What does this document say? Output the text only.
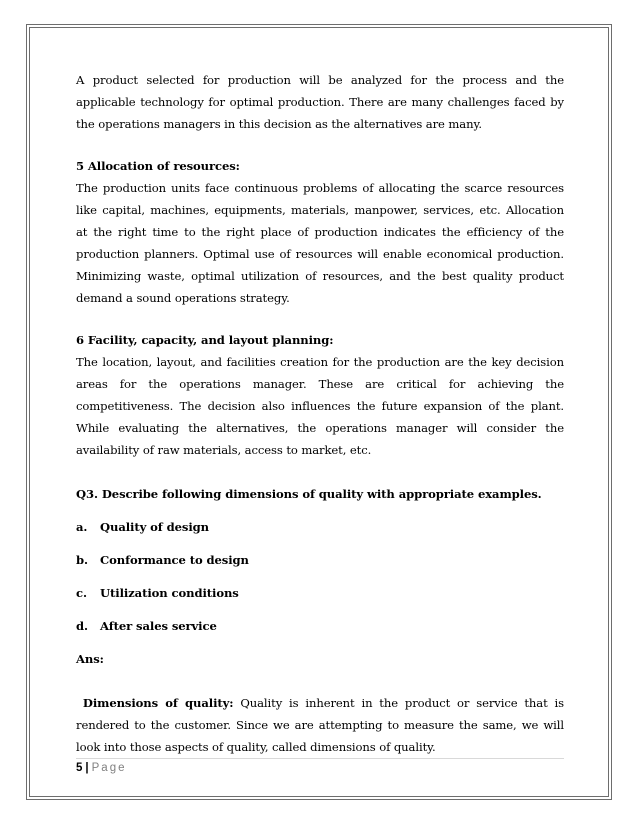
A product selected for production will be analyzed for the process and the applicable technology for optimal production. There are many challenges faced by the operations managers in this decision as the alternatives are many.

5 Allocation of resources:

The production units face continuous problems of allocating the scarce resources like capital, machines, equipments, materials, manpower, services, etc. Allocation at the right time to the right place of production indicates the efficiency of the production planners. Optimal use of resources will enable economical production. Minimizing waste, optimal utilization of resources, and the best quality product demand a sound operations strategy.

6 Facility, capacity, and layout planning:

The location, layout, and facilities creation for the production are the key decision areas for the operations manager. These are critical for achieving the competitiveness. The decision also influences the future expansion of the plant. While evaluating the alternatives, the operations manager will consider the availability of raw materials, access to market, etc.

Q3. Describe following dimensions of quality with appropriate examples.

a. Quality of design

b. Conformance to design

c. Utilization conditions

d. After sales service

Ans:

Dimensions of quality: Quality is inherent in the product or service that is rendered to the customer. Since we are attempting to measure the same, we will look into those aspects of quality, called dimensions of quality.

5 | Page
